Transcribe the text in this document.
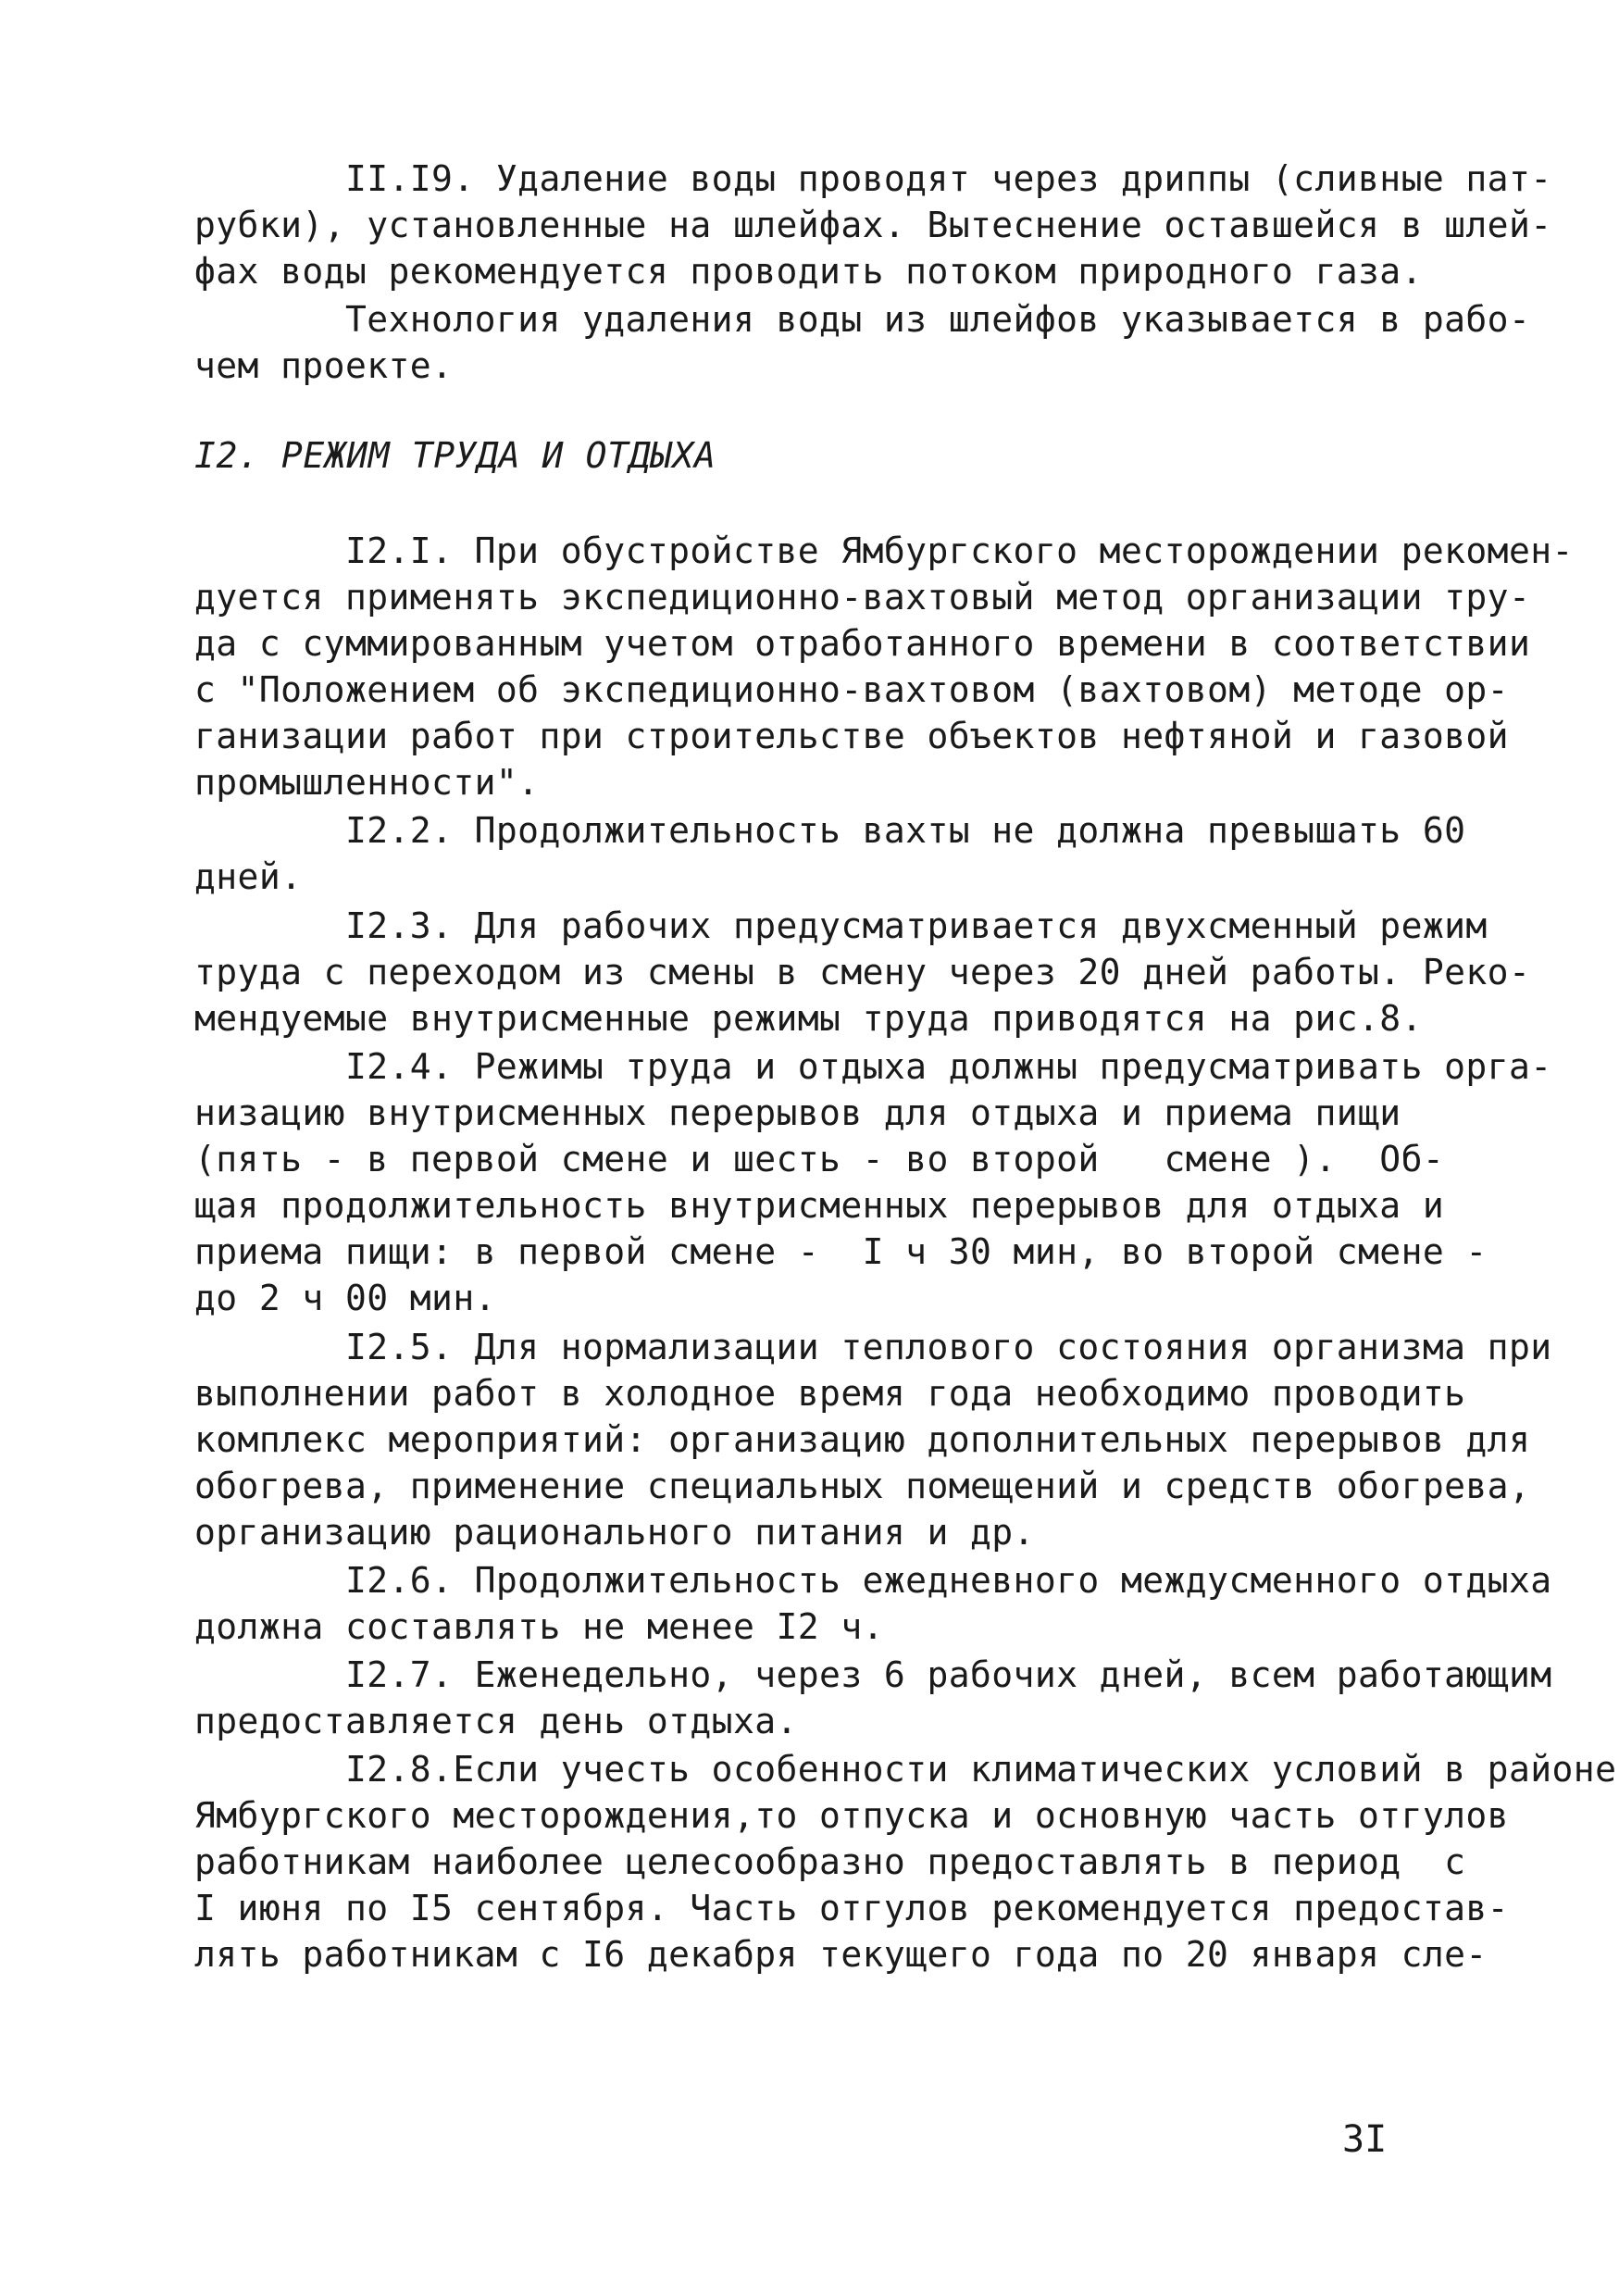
II.I9. Удаление воды проводят через дриппы (сливные пат-
рубки), установленные на шлейфах. Вытеснение оставшейся в шлей-
фах воды рекомендуется проводить потоком природного газа.
Технология удаления воды из шлейфов указывается в рабо-
чем проекте.
I2. РЕЖИМ ТРУДА И ОТДЫХА
I2.I. При обустройстве Ямбургского месторождении рекомен-
дуется применять экспедиционно-вахтовый метод организации тру-
да с суммированным учетом отработанного времени в соответствии
с "Положением об экспедиционно-вахтовом (вахтовом) методе ор-
ганизации работ при строительстве объектов нефтяной и газовой
промышленности".
I2.2. Продолжительность вахты не должна превышать 60
дней.
I2.3. Для рабочих предусматривается двухсменный режим
труда с переходом из смены в смену через 20 дней работы. Реко-
мендуемые внутрисменные режимы труда приводятся на рис.8.
I2.4. Режимы труда и отдыха должны предусматривать орга-
низацию внутрисменных перерывов для отдыха и приема пищи
(пять - в первой смене и шесть - во второй   смене ).  Об-
щая продолжительность внутрисменных перерывов для отдыха и
приема пищи: в первой смене -  I ч 30 мин, во второй смене -
до 2 ч 00 мин.
I2.5. Для нормализации теплового состояния организма при
выполнении работ в холодное время года необходимо проводить
комплекс мероприятий: организацию дополнительных перерывов для
обогрева, применение специальных помещений и средств обогрева,
организацию рационального питания и др.
I2.6. Продолжительность ежедневного междусменного отдыха
должна составлять не менее I2 ч.
I2.7. Еженедельно, через 6 рабочих дней, всем работающим
предоставляется день отдыха.
I2.8.Если учесть особенности климатических условий в районе
Ямбургского месторождения,то отпуска и основную часть отгулов
работникам наиболее целесообразно предоставлять в период  с
I июня по I5 сентября. Часть отгулов рекомендуется предостав-
лять работникам с I6 декабря текущего года по 20 января сле-
3I
